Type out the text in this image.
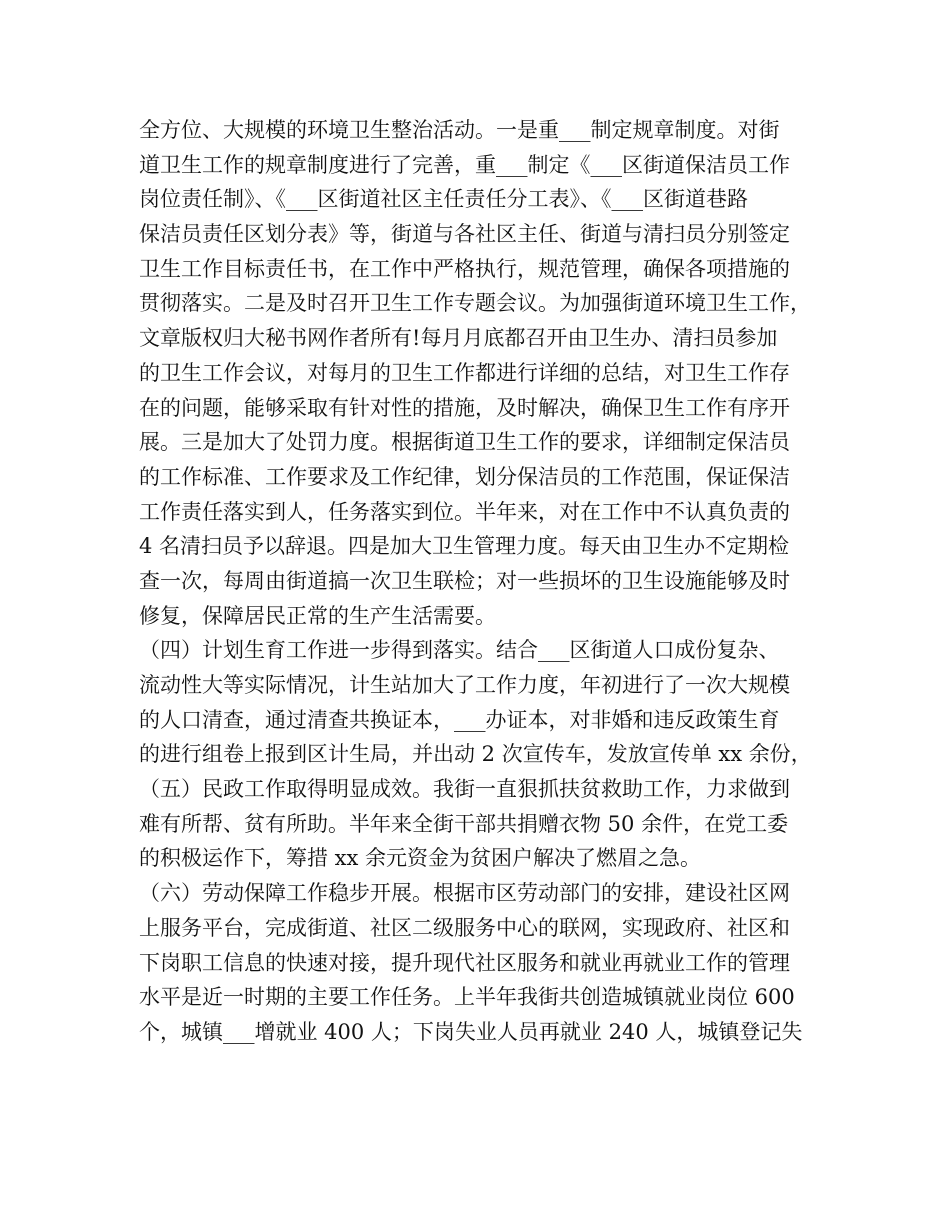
全方位、大规模的环境卫生整治活动。一是重___制定规章制度。对街
道卫生工作的规章制度进行了完善，重___制定《___区街道保洁员工作
岗位责任制》、《___区街道社区主任责任分工表》、《___区街道巷路
保洁员责任区划分表》等，街道与各社区主任、街道与清扫员分别签定
卫生工作目标责任书，在工作中严格执行，规范管理，确保各项措施的
贯彻落实。二是及时召开卫生工作专题会议。为加强街道环境卫生工作，
文章版权归大秘书网作者所有!每月月底都召开由卫生办、清扫员参加
的卫生工作会议，对每月的卫生工作都进行详细的总结，对卫生工作存
在的问题，能够采取有针对性的措施，及时解决，确保卫生工作有序开
展。三是加大了处罚力度。根据街道卫生工作的要求，详细制定保洁员
的工作标准、工作要求及工作纪律，划分保洁员的工作范围，保证保洁
工作责任落实到人，任务落实到位。半年来，对在工作中不认真负责的
4 名清扫员予以辞退。四是加大卫生管理力度。每天由卫生办不定期检
查一次，每周由街道搞一次卫生联检；对一些损坏的卫生设施能够及时
修复，保障居民正常的生产生活需要。
（四）计划生育工作进一步得到落实。结合___区街道人口成份复杂、
流动性大等实际情况，计生站加大了工作力度，年初进行了一次大规模
的人口清查，通过清查共换证本，___办证本，对非婚和违反政策生育
的进行组卷上报到区计生局，并出动 2 次宣传车，发放宣传单 xx 余份，
（五）民政工作取得明显成效。我街一直狠抓扶贫救助工作，力求做到
难有所帮、贫有所助。半年来全街干部共捐赠衣物 50 余件，在党工委
的积极运作下，筹措 xx 余元资金为贫困户解决了燃眉之急。
（六）劳动保障工作稳步开展。根据市区劳动部门的安排，建设社区网
上服务平台，完成街道、社区二级服务中心的联网，实现政府、社区和
下岗职工信息的快速对接，提升现代社区服务和就业再就业工作的管理
水平是近一时期的主要工作任务。上半年我街共创造城镇就业岗位 600
个，城镇___增就业 400 人；下岗失业人员再就业 240 人，城镇登记失
